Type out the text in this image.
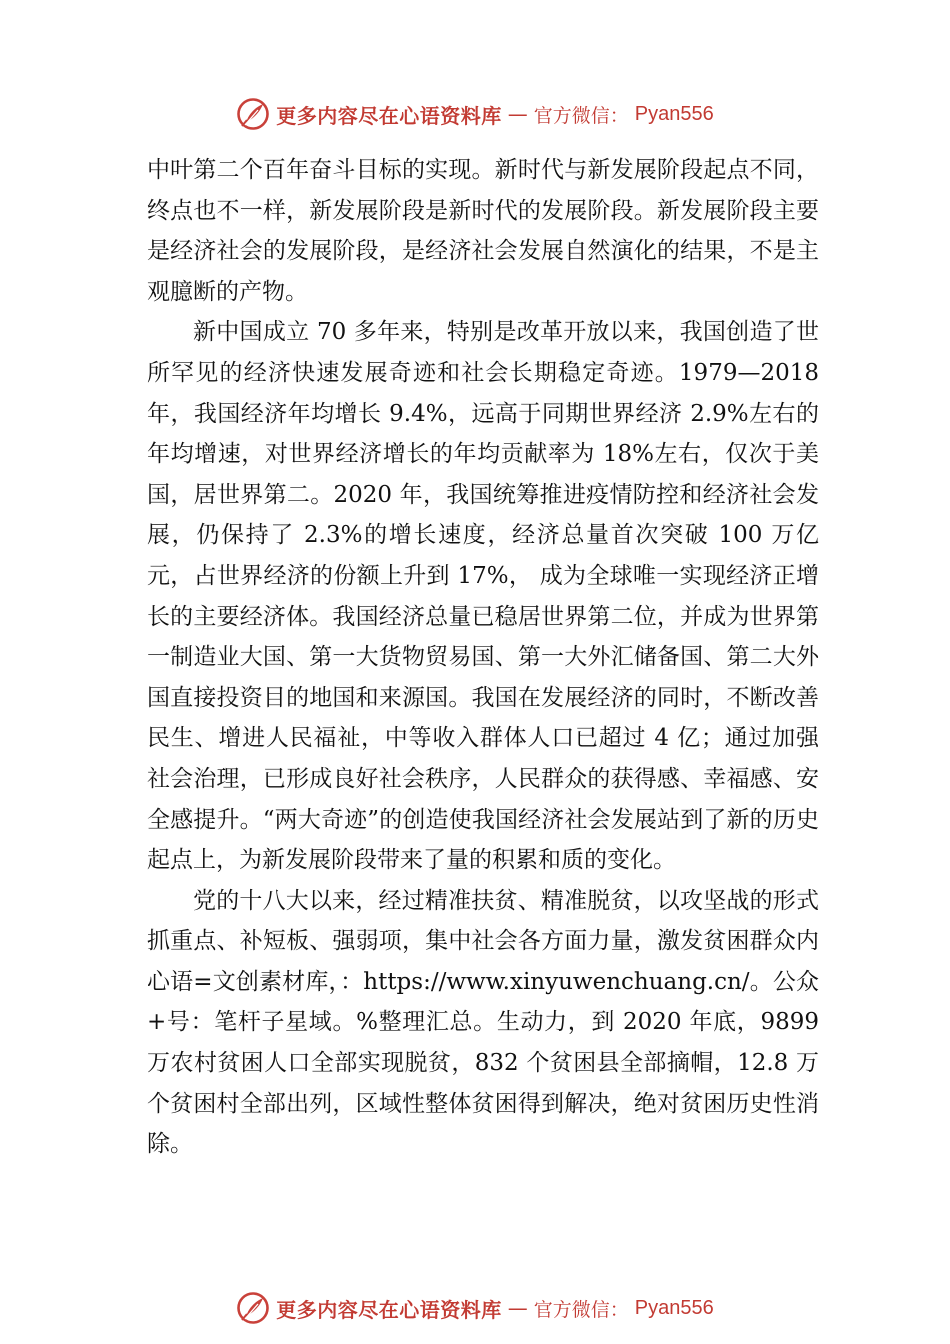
更多内容尽在心语资料库 — 官方微信： Pyan556

中叶第二个百年奋斗目标的实现。新时代与新发展阶段起点不同，终点也不一样，新发展阶段是新时代的发展阶段。新发展阶段主要是经济社会的发展阶段，是经济社会发展自然演化的结果，不是主观臆断的产物。

新中国成立 70 多年来，特别是改革开放以来，我国创造了世所罕见的经济快速发展奇迹和社会长期稳定奇迹。1979—2018 年，我国经济年均增长 9.4%，远高于同期世界经济 2.9%左右的年均增速，对世界经济增长的年均贡献率为 18%左右，仅次于美国，居世界第二。2020 年，我国统筹推进疫情防控和经济社会发展，仍保持了 2.3%的增长速度，经济总量首次突破 100 万亿元，占世界经济的份额上升到 17%， 成为全球唯一实现经济正增长的主要经济体。我国经济总量已稳居世界第二位，并成为世界第一制造业大国、第一大货物贸易国、第一大外汇储备国、第二大外国直接投资目的地国和来源国。我国在发展经济的同时，不断改善民生、增进人民福祉，中等收入群体人口已超过 4 亿；通过加强社会治理，已形成良好社会秩序，人民群众的获得感、幸福感、安全感提升。“两大奇迹”的创造使我国经济社会发展站到了新的历史起点上，为新发展阶段带来了量的积累和质的变化。

党的十八大以来，经过精准扶贫、精准脱贫，以攻坚战的形式抓重点、补短板、强弱项，集中社会各方面力量，激发贫困群众内心语=文创素材库，：https://www.xinyuwenchuang.cn/。公众+号：笔杆子星域。%整理汇总。生动力，到 2020 年底，9899 万农村贫困人口全部实现脱贫，832 个贫困县全部摘帽，12.8 万个贫困村全部出列，区域性整体贫困得到解决，绝对贫困历史性消除。

更多内容尽在心语资料库 — 官方微信： Pyan556
